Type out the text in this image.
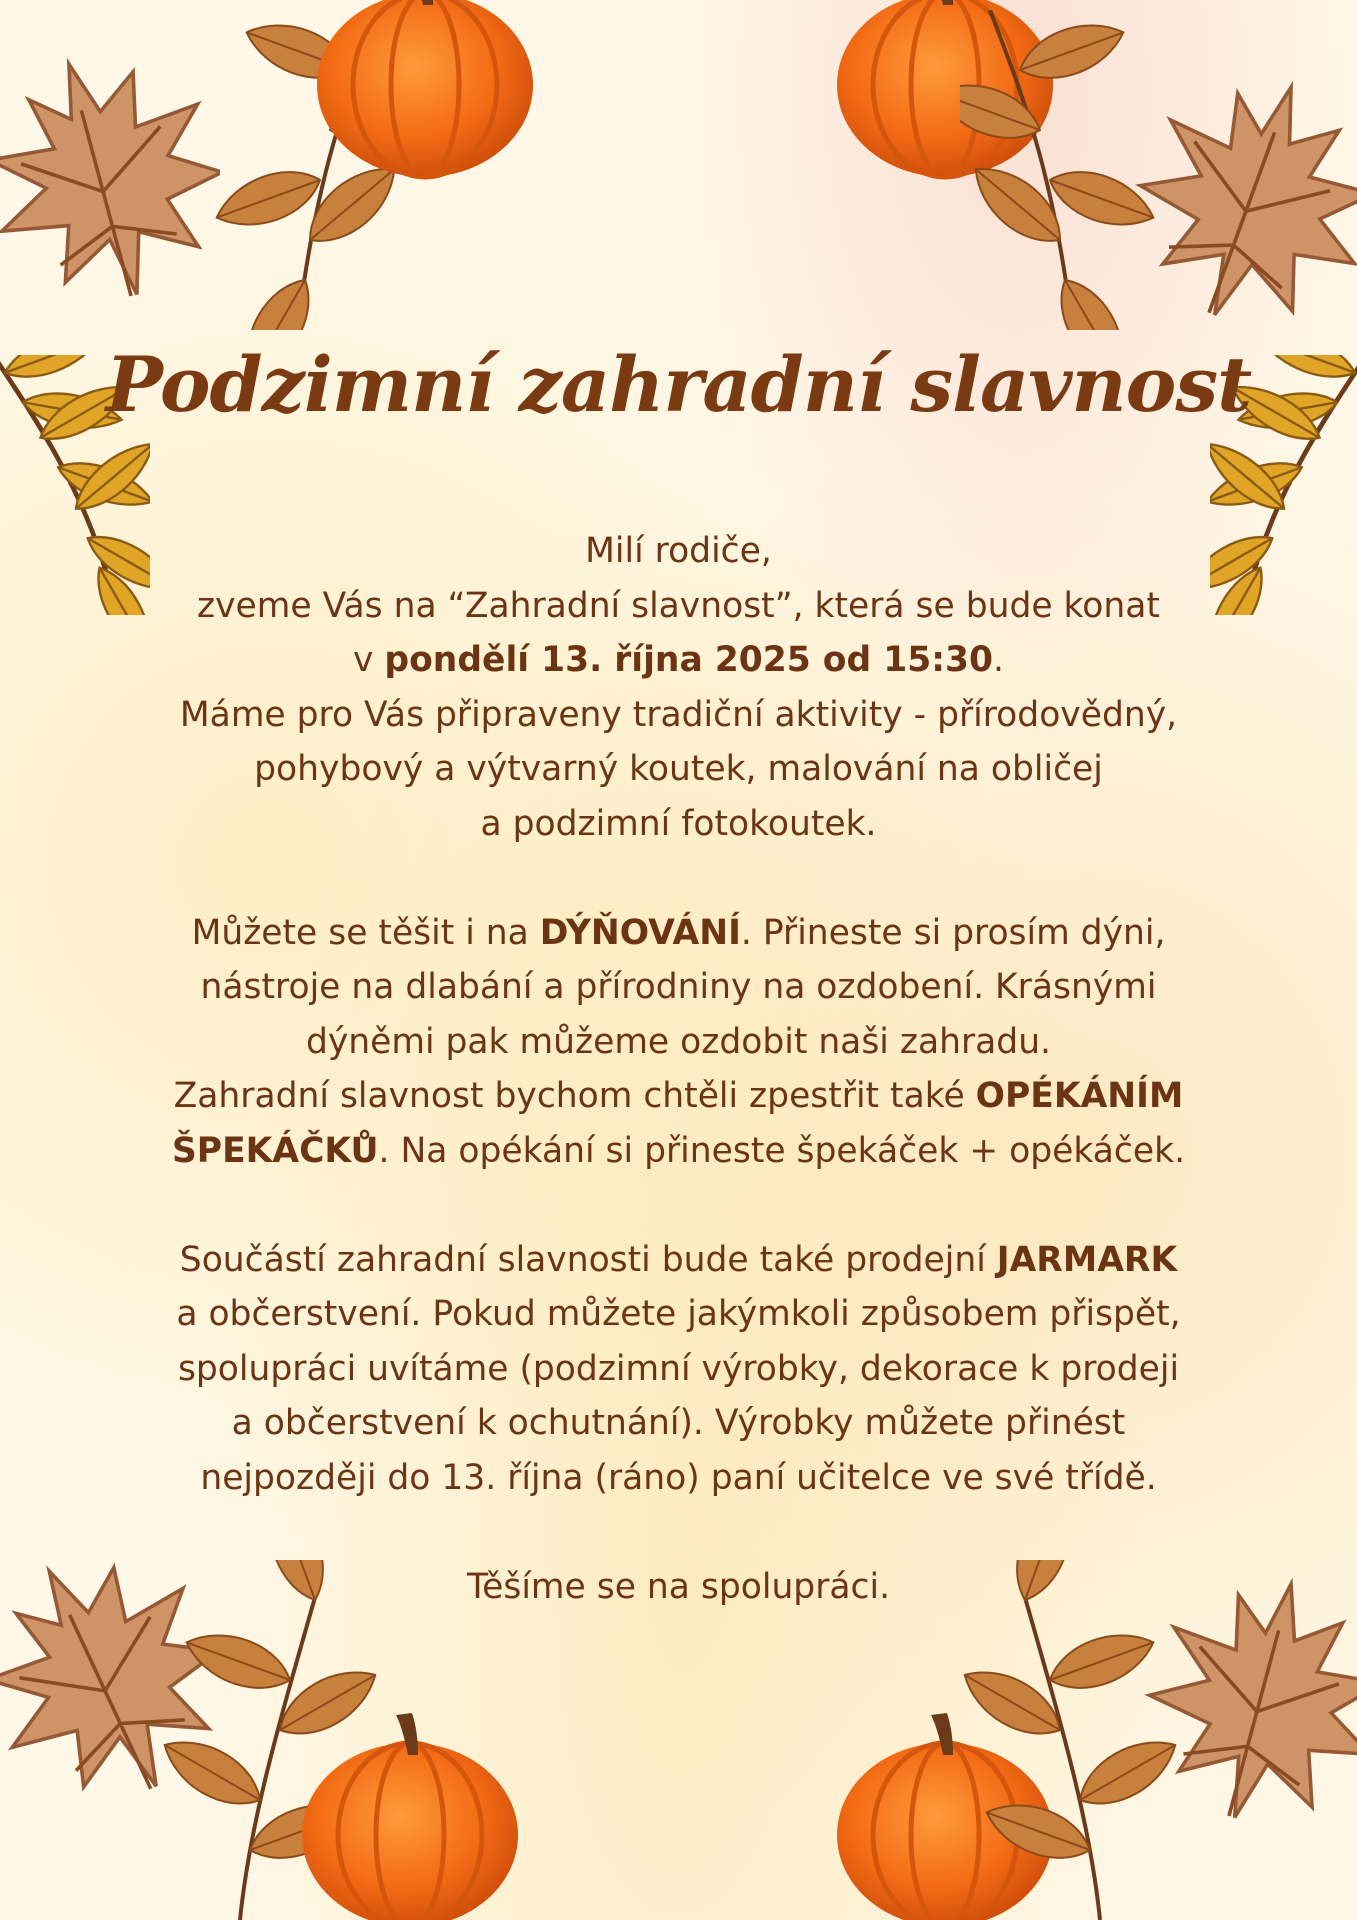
Podzimní zahradní slavnost

Milí rodiče,

zveme Vás na “Zahradní slavnost”, která se bude konat

v pondělí 13. října 2025 od 15:30.

Máme pro Vás připraveny tradiční aktivity - přírodovědný,

pohybový a výtvarný koutek, malování na obličej

a podzimní fotokoutek.

Můžete se těšit i na DÝŇOVÁNÍ. Přineste si prosím dýni,

nástroje na dlabání a přírodniny na ozdobení. Krásnými

dýněmi pak můžeme ozdobit naši zahradu.

Zahradní slavnost bychom chtěli zpestřit také OPÉKÁNÍM

ŠPEKÁČKŮ. Na opékání si přineste špekáček + opékáček.

Součástí zahradní slavnosti bude také prodejní JARMARK

a občerstvení. Pokud můžete jakýmkoli způsobem přispět,

spolupráci uvítáme (podzimní výrobky, dekorace k prodeji

a občerstvení k ochutnání). Výrobky můžete přinést

nejpozději do 13. října (ráno) paní učitelce ve své třídě.

Těšíme se na spolupráci.
